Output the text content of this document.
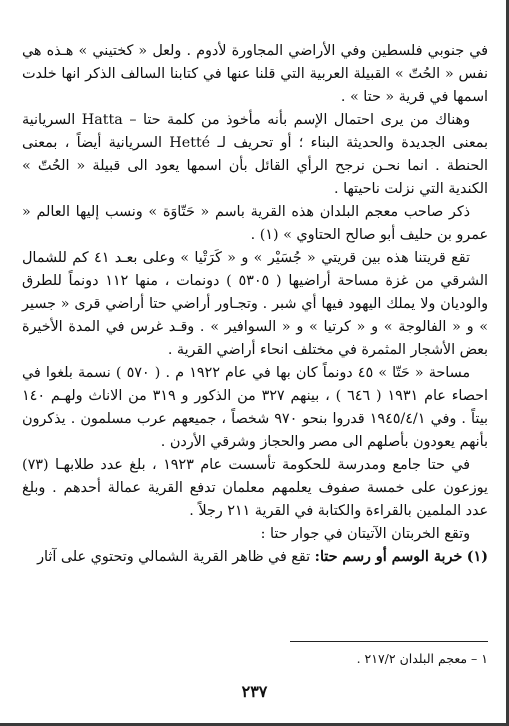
في جنوبي فلسطين وفي الأراضي المجاورة لأدوم . ولعل « كختيني » هـذه هي نفس « الحُتّ » القبيلة العربية التي قلنا عنها في كتابنا السالف الذكر انها خلدت اسمها في قرية « حتا » .

وهناك من يرى احتمال الإسم بأنه مأخوذ من كلمة حتا – Hatta السريانية بمعنى الجديدة والحديثة البناء ؛ أو تحريف لـ Hetté السريانية أيضاً ، بمعنى الحنطة . انما نحـن نرجح الرأي القائل بأن اسمها يعود الى قبيلة « الحُتّ » الكندية التي نزلت ناحيتها .

ذكر صاحب معجم البلدان هذه القرية باسم « حَتّاوَة » ونسب إليها العالم « عمرو بن حليف أبو صالح الحتاوي » (١) .

تقع قريتنا هذه بين قريتي « جُسَيْر » و « كَرَتْيا » وعلى بعـد ٤١ كم للشمال الشرقي من غزة مساحة أراضيها ( ٥٣٠٥ ) دونمات ، منها ١١٢ دونماً للطرق والوديان ولا يملك اليهود فيها أي شبر . وتجـاور أراضي حتا أراضي قرى « جسير » و « الفالوجة » و « كرتيا » و « السوافير » . وقـد غرس في المدة الأخيرة بعض الأشجار المثمرة في مختلف انحاء أراضي القرية .

مساحة « حَتّا » ٤٥ دونماً كان بها في عام ١٩٢٢ م . ( ٥٧٠ ) نسمة بلغوا في احصاء عام ١٩٣١ ( ٦٤٦ ) ، بينهم ٣٢٧ من الذكور و ٣١٩ من الاناث ولهـم ١٤٠ بيتاً . وفي ١٩٤٥/٤/١ قدروا بنحو ٩٧٠ شخصاً ، جميعهم عرب مسلمون . يذكرون بأنهم يعودون بأصلهم الى مصر والحجاز وشرقي الأردن .

في حتا جامع ومدرسة للحكومة تأسست عام ١٩٢٣ ، بلغ عدد طلابهـا (٧٣) يوزعون على خمسة صفوف يعلمهم معلمان تدفع القرية عمالة أحدهم . وبلغ عدد الملمين بالقراءة والكتابة في القرية ٢١١ رجلاً .

وتقع الخربتان الآتيتان في جوار حتا :

(١) خربة الوسم أو رسم حتا: تقع في ظاهر القرية الشمالي وتحتوي على آثار

١ – معجم البلدان ٢١٧/٢ .
٢٣٧
